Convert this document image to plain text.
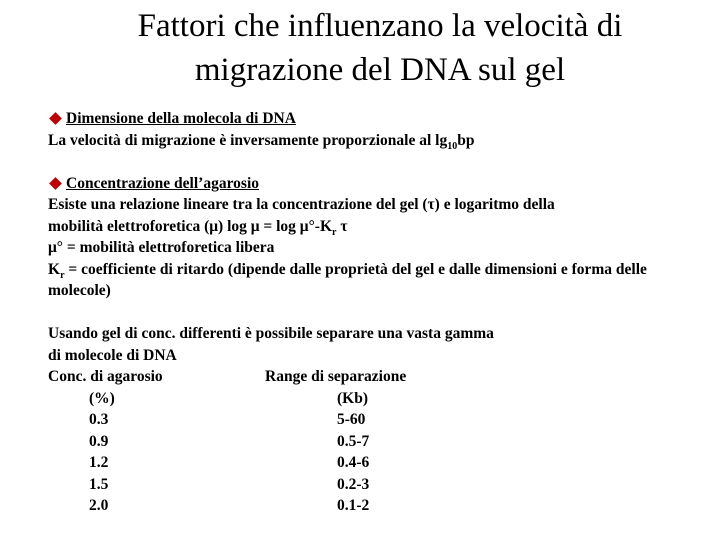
Fattori che influenzano la velocità di
migrazione del DNA sul gel
Dimensione della molecola di DNA
La velocità di migrazione è inversamente proporzionale al $\lg_{10}bp$
Concentrazione dell’agarosio
Esiste una relazione lineare tra la concentrazione del gel (τ) e logaritmo della
mobilità elettroforetica (μ) $\log \mu = \log \mu^\circ-K_r$ τ
μ° = mobilità elettroforetica libera
$K_r$ = coefficiente di ritardo (dipende dalle proprietà del gel e dalle dimensioni e forma delle molecole)
Usando gel di conc. differenti è possibile separare una vasta gamma
di molecole di DNA
Conc. di agarosio	Range di separazione
(%)	(Kb)
0.3	5-60
0.9	0.5-7
1.2	0.4-6
1.5	0.2-3
2.0	0.1-2
